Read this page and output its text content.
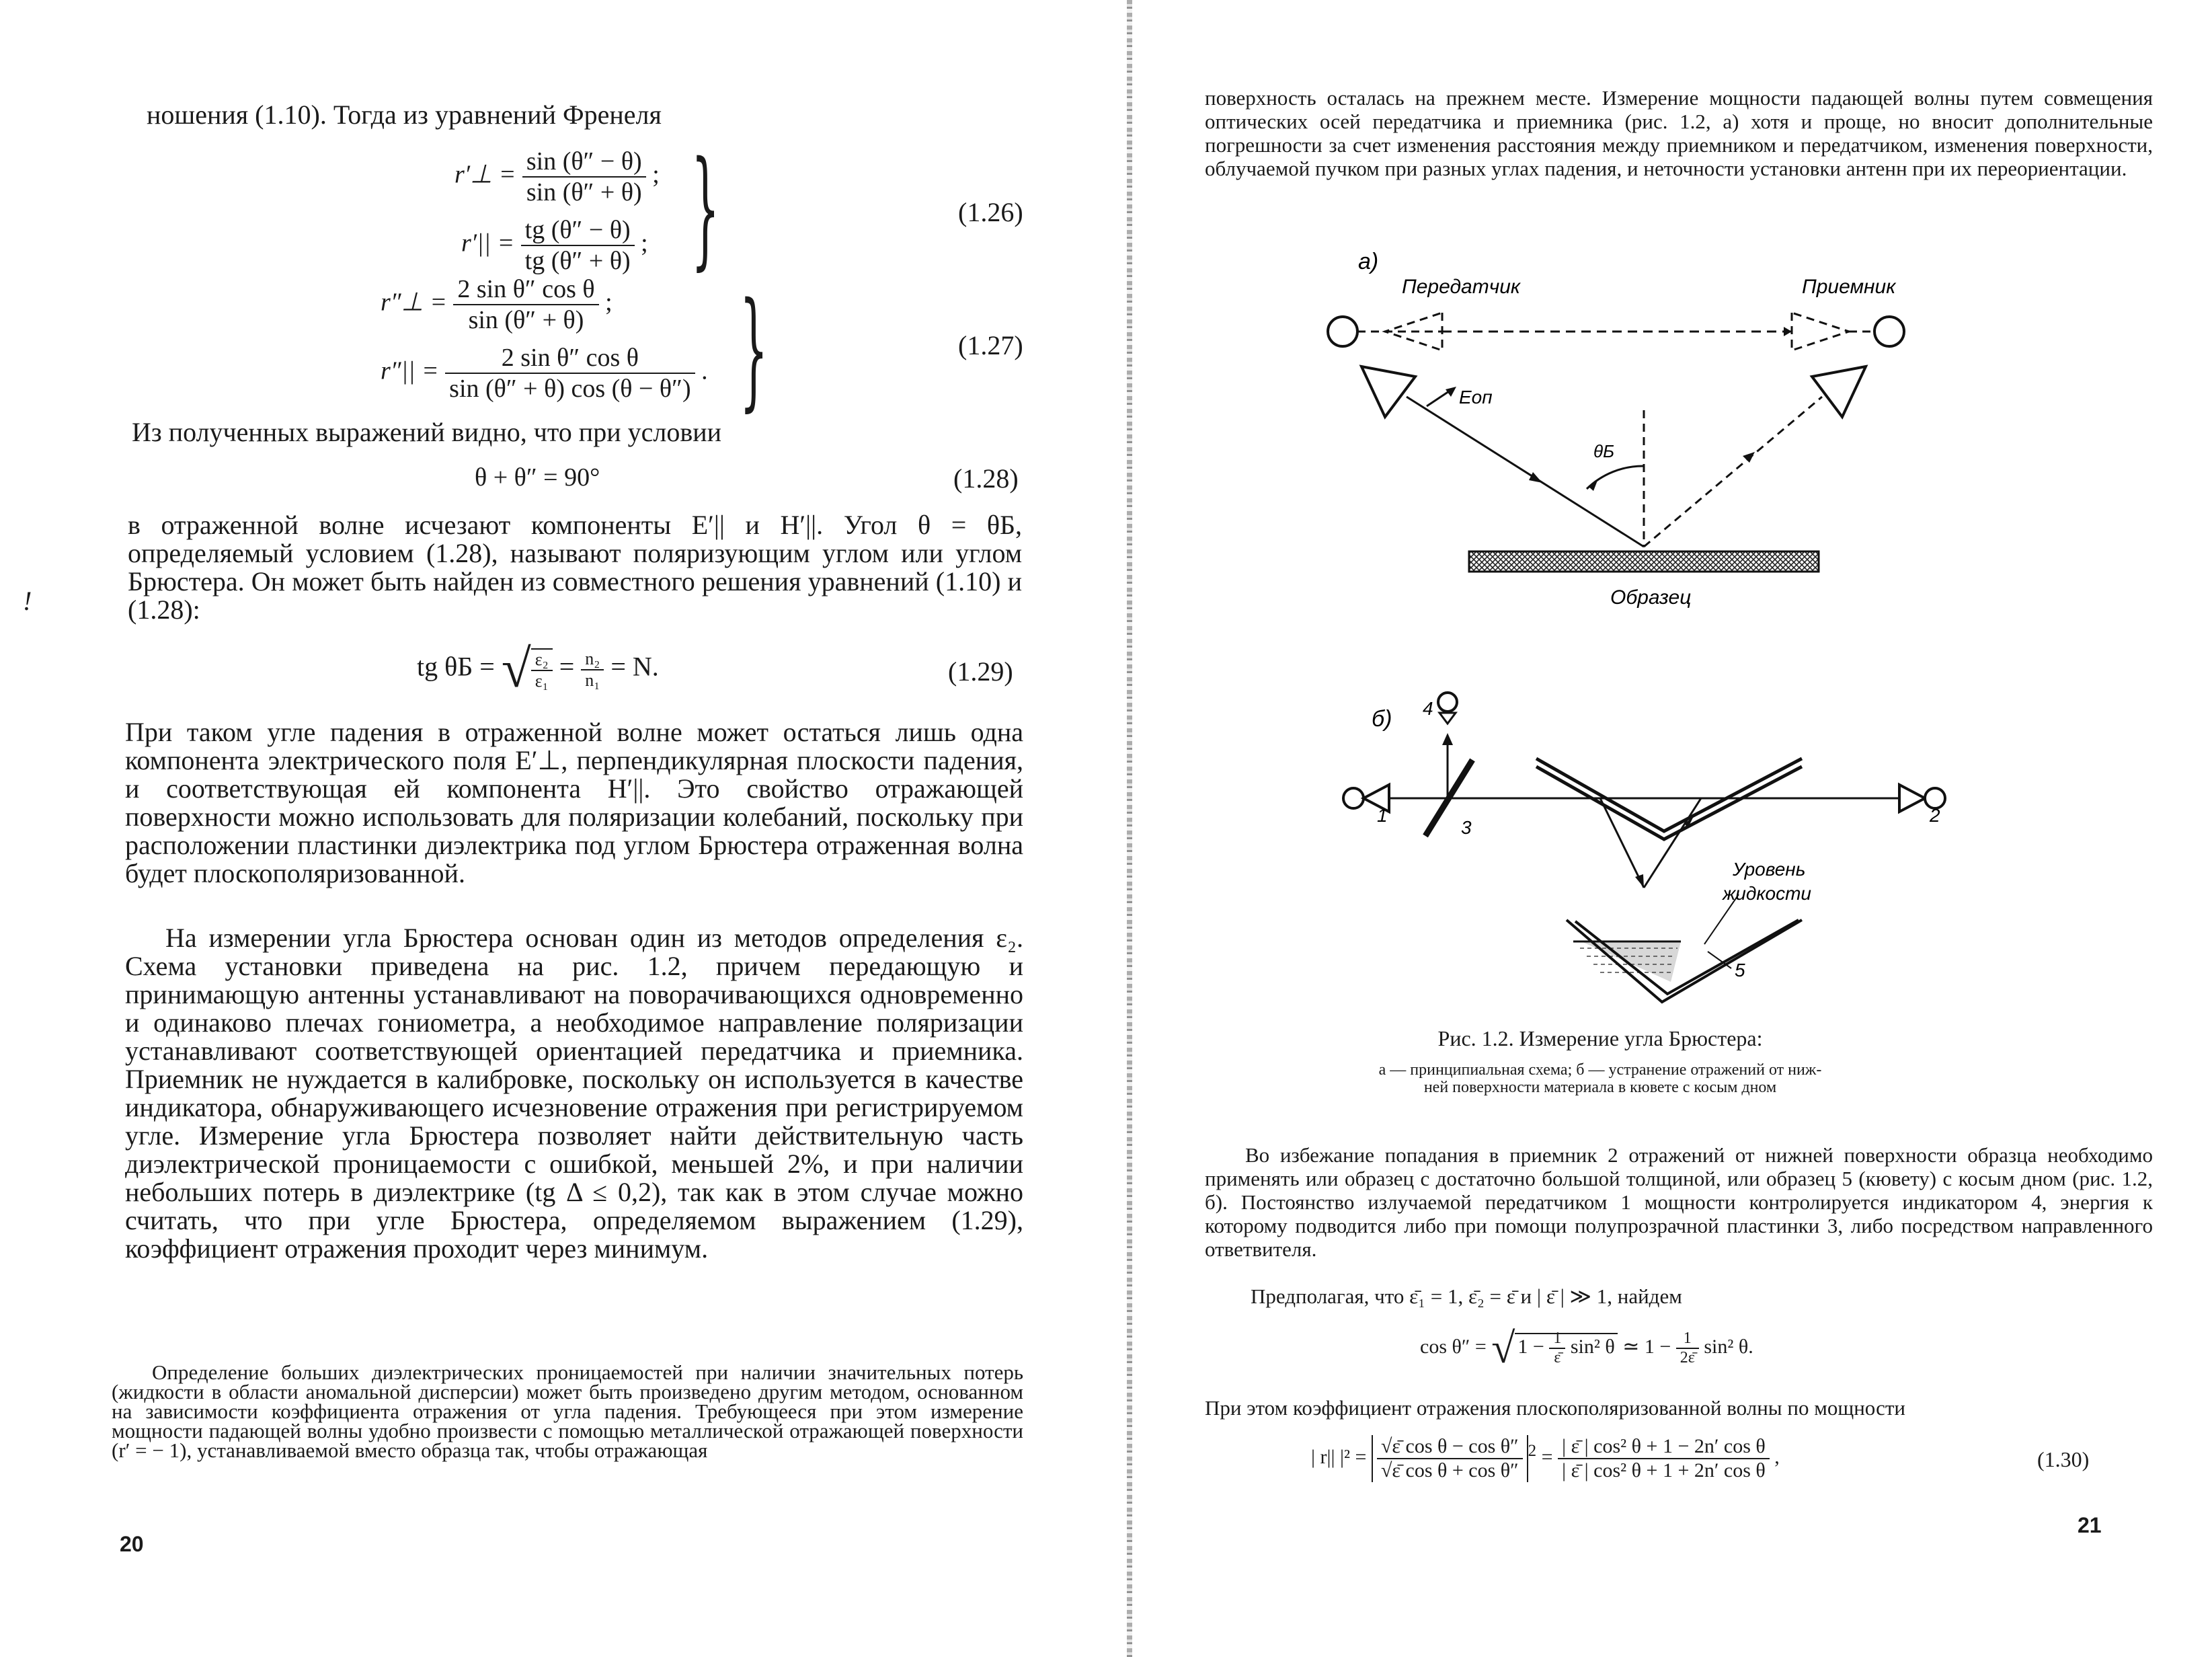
ношения (1.10). Тогда из уравнений Френеля
r′⊥ = $\frac{\sin (\theta'' - \theta)}{\sin (\theta'' + \theta)}$ ;
$r'|| = \frac{tg (\theta'' - \theta)}{tg (\theta'' + \theta)}$ ; }	(1.26)
r″⊥ = $\frac{\text{2 sin θ″ cos θ}}{\sin (\theta'' + \theta)}$ ;
$r''|| = \frac{\text{2 sin θ″ cos θ}}{\sin (\theta'' + \theta) \cos (\theta - \theta'')}$ . }	(1.27)
Из полученных выражений видно, что при условии
θ + θ″ = 90°	(1.28)

в отраженной волне исчезают компоненты E′|| и H′||. Угол θ = θБ, определяемый условием (1.28), называют поляризующим углом или углом Брюстера. Он может быть найден из совместного решения уравнений (1.10) и (1.28):

tg θБ = √ $\frac{\text{ε₂}}{\text{ε₁}} = \frac{\text{n₂}}{\text{n₁}} = N$.	(1.29)

При таком угле падения в отраженной волне может остаться лишь одна компонента электрического поля E′⊥, перпендикулярная плоскости падения, и соответствующая ей компонента H′||. Это свойство отражающей поверхности можно использовать для поляризации колебаний, поскольку при расположении пластинки диэлектрика под углом Брюстера отраженная волна будет плоскополяризованной.

На измерении угла Брюстера основан один из методов определения ε₂. Схема установки приведена на рис. 1.2, причем передающую и принимающую антенны устанавливают на поворачивающихся одновременно и одинаково плечах гониометра, а необходимое направление поляризации устанавливают соответствующей ориентацией передатчика и приемника. Приемник не нуждается в калибровке, поскольку он используется в качестве индикатора, обнаруживающего исчезновение отражения при регистрируемом угле. Измерение угла Брюстера позволяет найти действительную часть диэлектрической проницаемости с ошибкой, меньшей 2%, и при наличии небольших потерь в диэлектрике (tg Δ ≤ 0,2), так как в этом случае можно считать, что при угле Брюстера, определяемом выражением (1.29), коэффициент отражения проходит через минимум.

Определение больших диэлектрических проницаемостей при наличии значительных потерь (жидкости в области аномальной дисперсии) может быть произведено другим методом, основанном на зависимости коэффициента отражения от угла падения. Требующееся при этом измерение мощности падающей волны удобно произвести с помощью металлической отражающей поверхности (r′ = − 1), устанавливаемой вместо образца так, чтобы отражающая

!
20

поверхность осталась на прежнем месте. Измерение мощности падающей волны путем совмещения оптических осей передатчика и приемника (рис. 1.2, а) хотя и проще, но вносит дополнительные погрешности за счет изменения расстояния между приемником и передатчиком, изменения поверхности, облучаемой пучком при разных углах падения, и неточности установки антенн при их переориентации.

а)
Передатчик	Приемник
Eоп
θБ
Образец
б)
1	2
3
4
5
Уровень
жидкости
Рис. 1.2. Измерение угла Брюстера:
а — принципиальная схема; б — устранение отражений от ниж-
ней поверхности материала в кювете с косым дном

Во избежание попадания в приемник 2 отражений от нижней поверхности образца необходимо применять или образец с достаточно большой толщиной, или образец 5 (кювету) с косым дном (рис. 1.2, б). Постоянство излучаемой передатчиком 1 мощности контролируется индикатором 4, энергия к которому подводится либо при помощи полупрозрачной пластинки 3, либо посредством направленного ответвителя.

Предполагая, что ε̄₁ = 1, ε̄₂ = ε̄ и | ε̄ | ≫ 1, найдем
cos θ″ = √ $1 - \frac{1}{\varepsilon̄} \sin^2$ θ ≃ $1 - \frac{1}{2\varepsilon̄} \sin^2$ θ.
При этом коэффициент отражения плоскополяризованной волны по мощности
| r|| $|^2 = \frac{\text{√ε̄ cos θ − cos θ″}}{\text{√ε̄ cos θ + cos θ″}} ^2 = \frac{\text{| ε̄ | cos² θ + 1 − 2n′ cos θ}}{\text{| ε̄ | cos² θ + 1 + 2n′ cos θ}}$ ,	(1.30)
21
